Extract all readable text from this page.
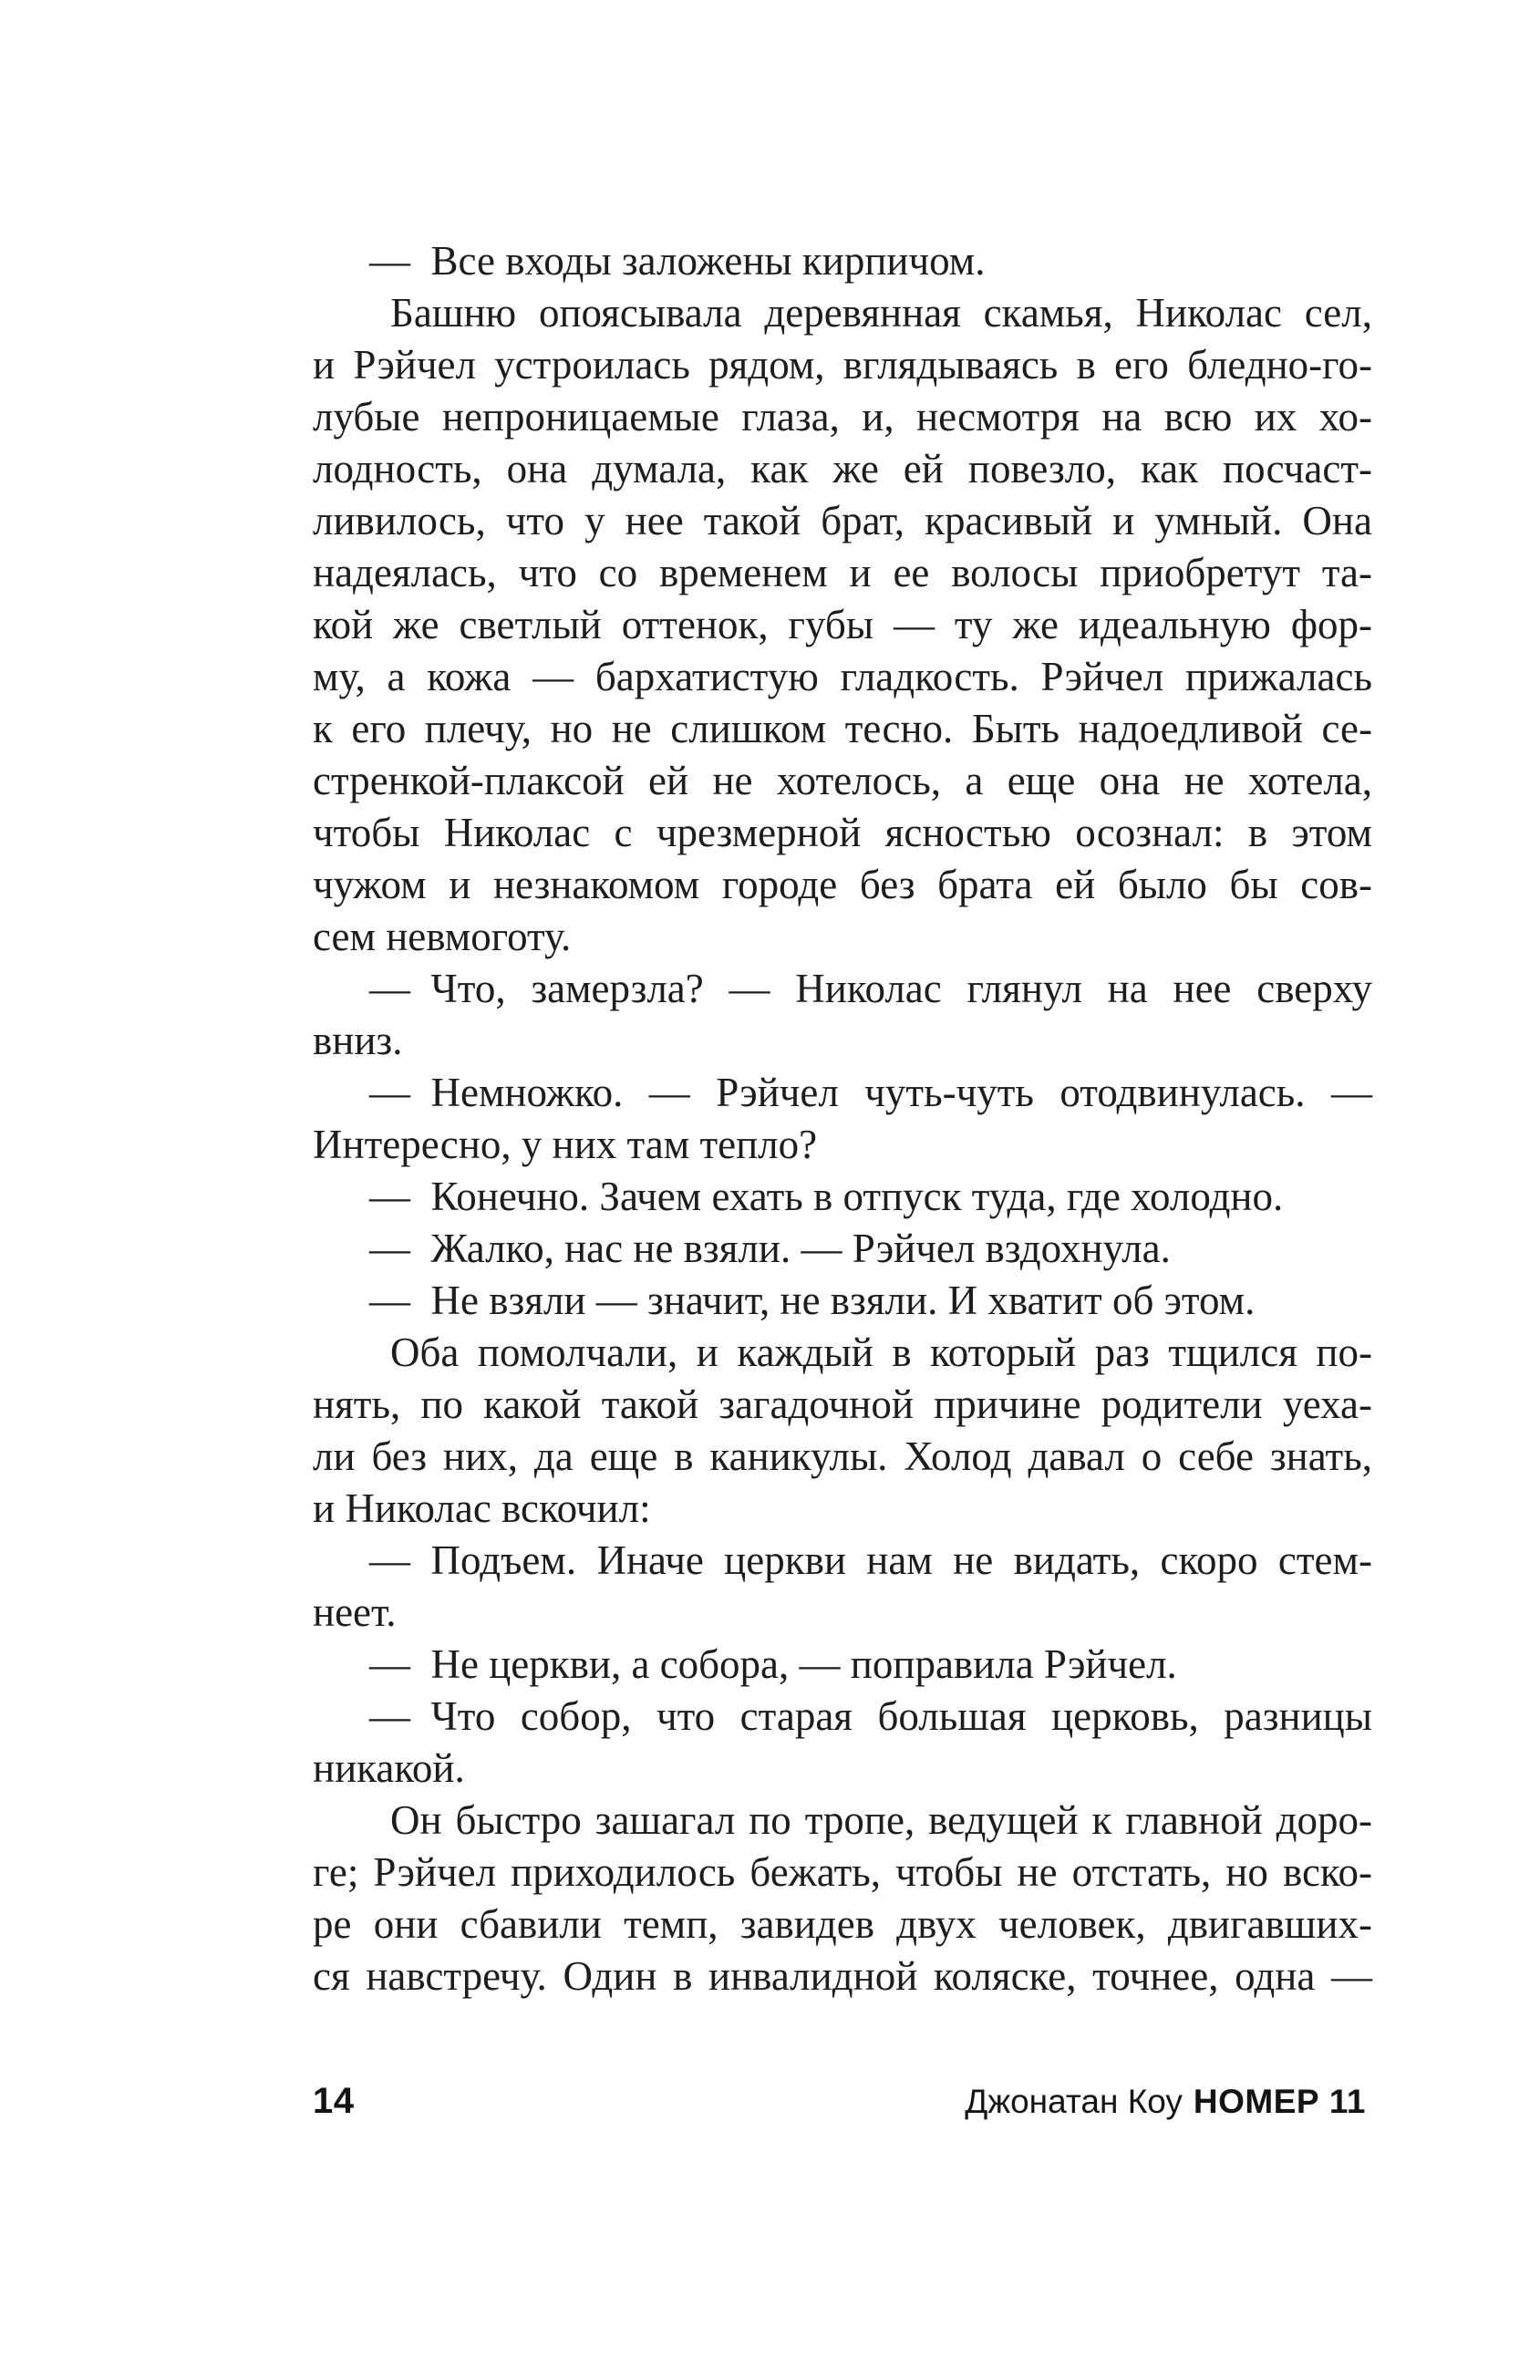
— Все входы заложены кирпичом.
Башню опоясывала деревянная скамья, Николас сел,
и Рэйчел устроилась рядом, вглядываясь в его бледно-го-
лубые непроницаемые глаза, и, несмотря на всю их хо-
лодность, она думала, как же ей повезло, как посчаст-
ливилось, что у нее такой брат, красивый и умный. Она
надеялась, что со временем и ее волосы приобретут та-
кой же светлый оттенок, губы — ту же идеальную фор-
му, а кожа — бархатистую гладкость. Рэйчел прижалась
к его плечу, но не слишком тесно. Быть надоедливой се-
стренкой-плаксой ей не хотелось, а еще она не хотела,
чтобы Николас с чрезмерной ясностью осознал: в этом
чужом и незнакомом городе без брата ей было бы сов-
сем невмоготу.
— Что, замерзла? — Николас глянул на нее сверху
вниз.
— Немножко. — Рэйчел чуть-чуть отодвинулась. —
Интересно, у них там тепло?
— Конечно. Зачем ехать в отпуск туда, где холодно.
— Жалко, нас не взяли. — Рэйчел вздохнула.
— Не взяли — значит, не взяли. И хватит об этом.
Оба помолчали, и каждый в который раз тщился по-
нять, по какой такой загадочной причине родители уеха-
ли без них, да еще в каникулы. Холод давал о себе знать,
и Николас вскочил:
— Подъем. Иначе церкви нам не видать, скоро стем-
неет.
— Не церкви, а собора, — поправила Рэйчел.
— Что собор, что старая большая церковь, разницы
никакой.
Он быстро зашагал по тропе, ведущей к главной доро-
ге; Рэйчел приходилось бежать, чтобы не отстать, но вско-
ре они сбавили темп, завидев двух человек, двигавших-
ся навстречу. Один в инвалидной коляске, точнее, одна —
14	Джонатан Коу НОМЕР 11
